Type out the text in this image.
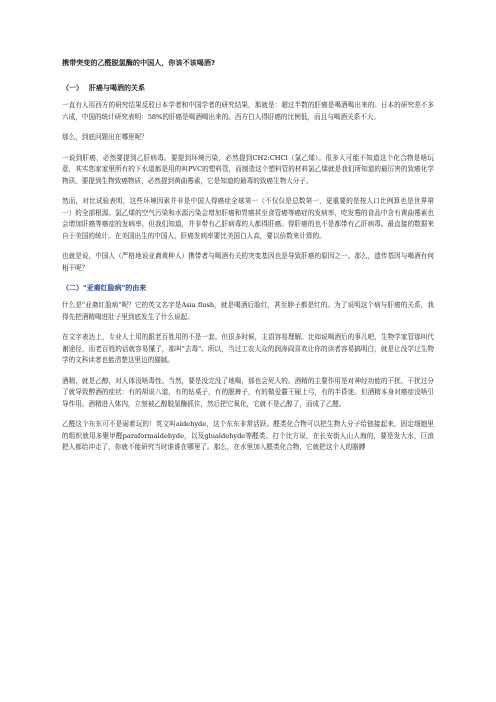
携带突变的乙醛脱氢酶的中国人，你该不该喝酒?
（一） 肝癌与喝酒的关系

一直有人用西方的研究结果反驳日本学者和中国学者的研究结果，那就是：超过半数的肝癌是喝酒喝出来的。日本的研究差不多六成，中国的统计研究表明：58%的肝癌是喝酒喝出来的。西方白人得肝癌的比例低，而且与喝酒关系不大。

那么，到底问题出在哪里呢？

一说到肝癌，必然要提到乙肝病毒。要提到环境污染，必然提到CH2:CHCl（氯乙烯）。很多人可能不知道这个化合物是啥玩意，其实您家家里所有的下水道都是用的叫PVC的塑料管，而制造这个塑料管的材料氯乙烯就是我们所知道的最厉害的致癌化学物质。要提到生物致癌物质，必然提到黄曲霉素，它是知道的最毒的致癌生物大分子。

然而，对比试验表明，这些环境因素并非是中国人得癌症全球第一（不仅仅是总数第一，更重要的是按人口比例算也是世界第一）的全部根源。氯乙烯的空气污染和水源污染会增加肝癌和胃癌甚至食管癌等癌症的发病率，吃发霉的食品中含有黄曲霉素也会增加肝癌等癌症的发病率，但我们知道，并非带有乙肝病毒的人都得肝癌。得肝癌的也不是都带有乙肝病毒。最直接的数据来自于美国的统计。在美国出生的中国人，肝癌发病率要比美国白人高，要以倍数来计算的。

也就是说，中国人（严格地说亚裔黄种人）携带者与喝酒有关的突变基因也是导致肝癌的原因之一。那么，遗传基因与喝酒有何相干呢？

（二）"亚裔红脸病"的由来

什么是"亚裔红脸病"呢？它的英文名字是Asia flush，就是喝酒后脸红，甚至脖子都是红的。为了说明这个病与肝癌的关系，我得先把酒精喝进肚子里到底发生了什么说起。

在文字表达上，专业人士用的跟老百姓用的不是一套。但很多时候，主语容易理解。比如说喝酒后的事儿吧，生物学家管那叫代谢途径，而老百姓的话就容易懂了，那叫"去毒"。所以，当过工农大众的润涛阎喜欢让你的读者容易搞明白，就是让没学过生物学的文科读者也能清楚这里边的猫腻。

酒精，就是乙醇，对人体没啥毒性。当然，要是没完没了地喝，那也会死人的。酒精的主要作用是对神经功能的干扰，干扰过分了就导致醉酒的症状：有的胡说八道，有的钻桌子，有的脱裤子，有的做爱霸王硬上弓，有的半昏迷。但酒精本身对癌症没啥引导作用。酒精进入体内，立刻被乙醇脱氢酶抓住，然后把它氧化，它就不是乙醇了，而成了乙醛。

乙醛这个东东可不是闹着玩的！英文叫aldehyde，这个东东非常活跃。醛类化合物可以把生物大分子给链接起来，固定细胞里的组织就用多聚甲醛paraformaldehyde，以及glualdehyde等醛类。打个比方说，在长安街人山人海的，要是发大水，巨浪把人都给冲走了，你就不能研究当时谁谁在哪里了。那么，在水里加入醛类化合物，它就把这个人的胳膊
